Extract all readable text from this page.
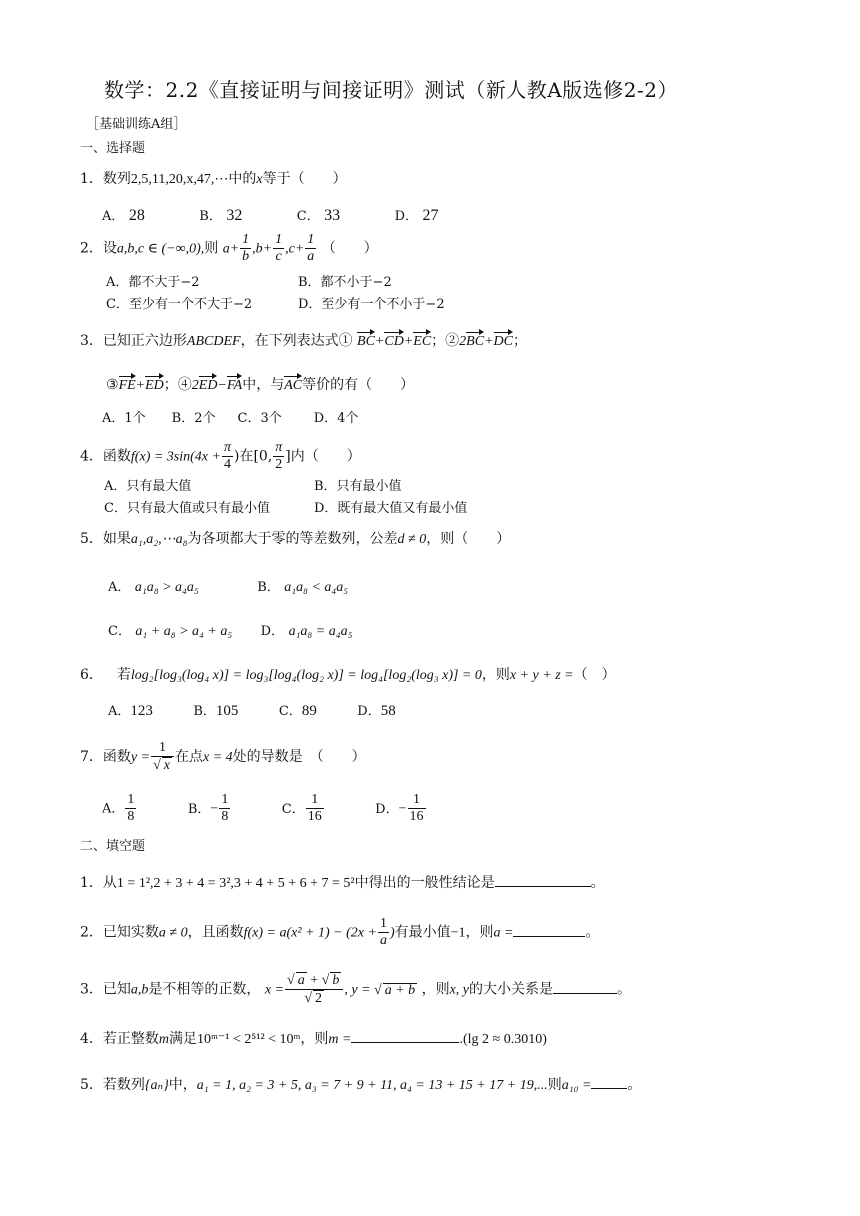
数学：2.2《直接证明与间接证明》测试（新人教A版选修2-2）
［基础训练A组］
一、选择题
1．数列2,5,11,20,x,47,⋯中的x等于（　　）
A． 28	B． 32	C． 33	D． 27
2．设a,b,c ∈ (−∞,0),则 $a+ \frac{1}{b} ,b+ \frac{1}{c} ,c+ \frac{1}{a}$ （　　）
A．都不大于−2	B．都不小于−2
C．至少有一个不大于−2	D．至少有一个不小于−2
3．已知正六边形ABCDEF，在下列表达式① BC+CD+EC；②2BC+DC；
③FE+ED；④2ED−FA中，与AC等价的有（　　）
A．1个 B．2个 C．3个 D．4个
4．函数$f(x) = 3\sin(4x + \frac{\pi}{4}$ )在[0, $\frac{\pi}{2}$ ]内（　　）
A．只有最大值	B．只有最小值
C．只有最大值或只有最小值	D．既有最大值又有最小值
5．如果a₁,a₂,⋯a₈为各项都大于零的等差数列，公差d ≠ 0，则（　　）
A． a₁a₈ > a₄a₅	B． a₁a₈ < a₄a₅
C． a₁ + a₈ > a₄ + a₅ D． a₁a₈ = a₄a₅
6． 若log₂[log₃(log₄ x)] = log₃[log₄(log₂ x)] = log₄[log₂(log₃ x)] = 0，则x + y + z =（　）
A．123	B．105	C．89	D．58
7．函数$y = \frac{1}{√ x}$ 在点x = 4处的导数是　（　　）
A． $\frac{1}{8}$	B．− $\frac{1}{8}$	C． $\frac{1}{16}$	D．− $\frac{1}{16}$
二、填空题
1．从1 = 1²,2 + 3 + 4 = 3²,3 + 4 + 5 + 6 + 7 = 5²中得出的一般性结论是	。
2．已知实数a ≠ 0，且函数$f(x) = a(x^2 + 1) - (2x + \frac{1}{a}$ )有最小值−1，则a =	。
3．已知a,b是不相等的正数， $x = \frac{√ a + √ b}{√ 2}$ , y = √ a + b ，则x, y的大小关系是	。
4．若正整数m满足10ᵐ⁻¹ < 2⁵¹² < 10ᵐ，则m =	.(lg 2 ≈ 0.3010)
5．若数列{aₙ}中，a₁ = 1, a₂ = 3 + 5, a₃ = 7 + 9 + 11, a₄ = 13 + 15 + 17 + 19,...则a₁₀ =	。
